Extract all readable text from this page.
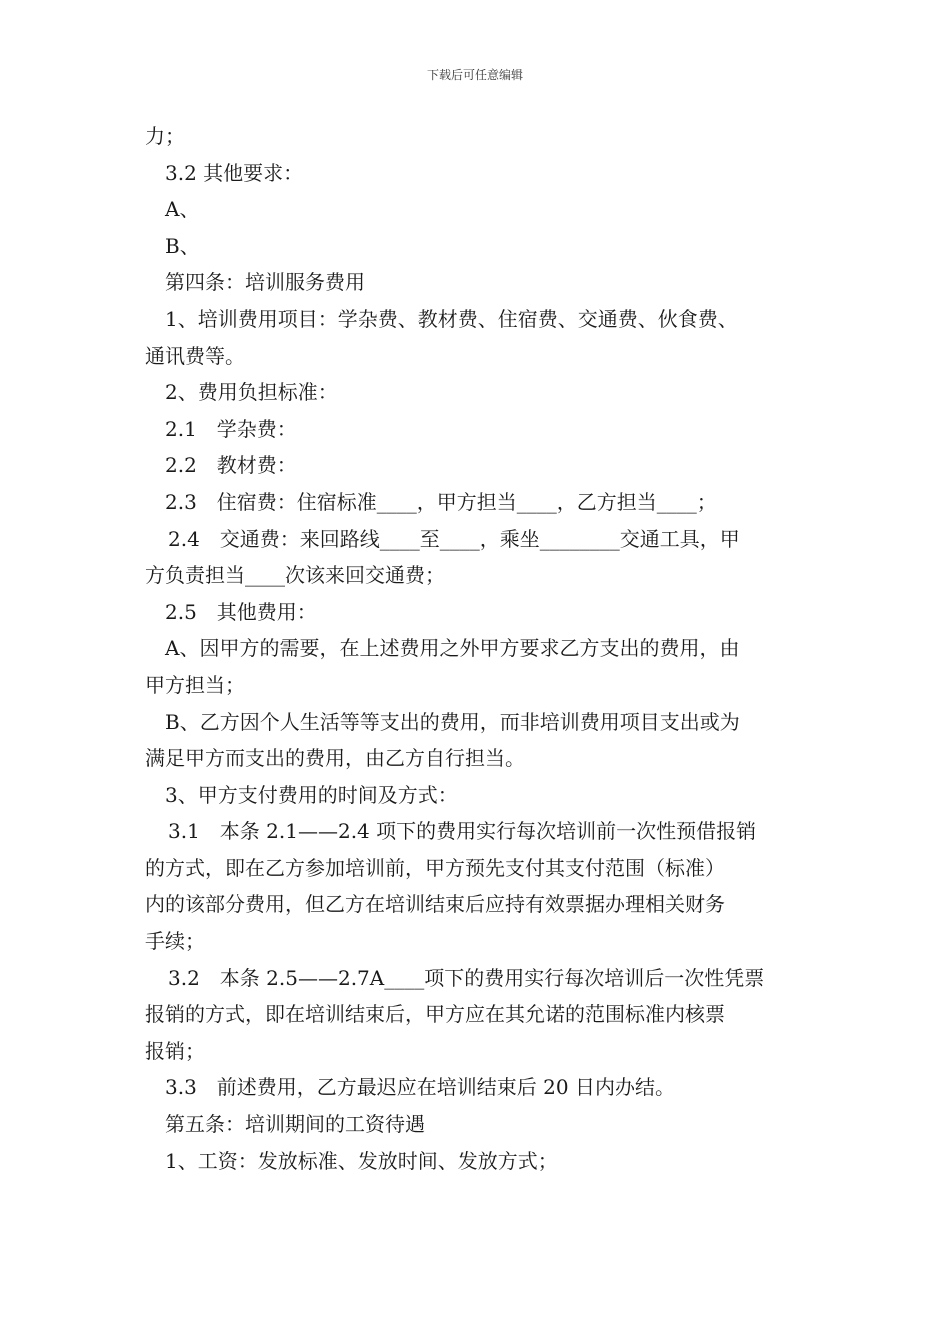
下载后可任意编辑
力；
3.2 其他要求：
A、
B、
第四条：培训服务费用
1、培训费用项目：学杂费、教材费、住宿费、交通费、伙食费、
通讯费等。
2、费用负担标准：
2.1　学杂费：
2.2　教材费：
2.3　住宿费：住宿标准____，甲方担当____，乙方担当____；
2.4　交通费：来回路线____至____，乘坐________交通工具，甲
方负责担当____次该来回交通费；
2.5　其他费用：
A、因甲方的需要，在上述费用之外甲方要求乙方支出的费用，由
甲方担当；
B、乙方因个人生活等等支出的费用，而非培训费用项目支出或为
满足甲方而支出的费用，由乙方自行担当。
3、甲方支付费用的时间及方式：
3.1　本条 2.1——2.4 项下的费用实行每次培训前一次性预借报销
的方式，即在乙方参加培训前，甲方预先支付其支付范围（标准）
内的该部分费用，但乙方在培训结束后应持有效票据办理相关财务
手续；
3.2　本条 2.5——2.7A____项下的费用实行每次培训后一次性凭票
报销的方式，即在培训结束后，甲方应在其允诺的范围标准内核票
报销；
3.3　前述费用，乙方最迟应在培训结束后 20 日内办结。
第五条：培训期间的工资待遇
1、工资：发放标准、发放时间、发放方式；
